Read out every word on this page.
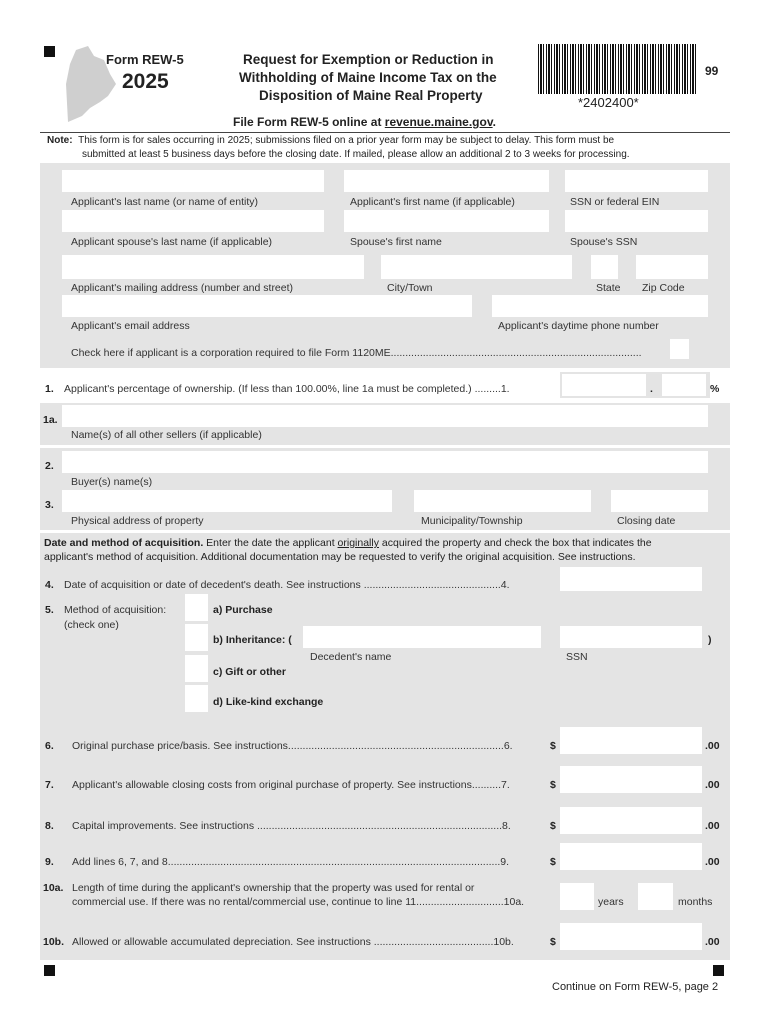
Form REW-5
2025
Request for Exemption or Reduction in
Withholding of Maine Income Tax on the
Disposition of Maine Real Property	*2402400*
99
File Form REW-5 online at revenue.maine.gov.
Note: This form is for sales occurring in 2025; submissions filed on a prior year form may be subject to delay. This form must be
submitted at least 5 business days before the closing date. If mailed, please allow an additional 2 to 3 weeks for processing.
Applicant's last name (or name of entity)	Applicant's first name (if applicable)	SSN or federal EIN
Applicant spouse's last name (if applicable)	Spouse's first name	Spouse's SSN
Applicant's mailing address (number and street)	City/Town	State Zip Code
Applicant's email address	Applicant's daytime phone number
Check here if applicant is a corporation required to file Form 1120ME......................................................................................
1. Applicant's percentage of ownership. (If less than 100.00%, line 1a must be completed.) .........1.	.	%
1a.
Name(s) of all other sellers (if applicable)
2.
Buyer(s) name(s)
3.
Physical address of property	Municipality/Township	Closing date
Date and method of acquisition. Enter the date the applicant originally acquired the property and check the box that indicates the
applicant's method of acquisition. Additional documentation may be requested to verify the original acquisition. See instructions.
4. Date of acquisition or date of decedent's death. See instructions ...............................................4.
5. Method of acquisition:
(check one)
a) Purchase
b) Inheritance: (	)
Decedent's name	SSN
c) Gift or other
d) Like-kind exchange
6. Original purchase price/basis. See instructions..........................................................................6.	$	.00
7. Applicant's allowable closing costs from original purchase of property. See instructions..........7.	$	.00
8. Capital improvements. See instructions ....................................................................................8.	$	.00
9. Add lines 6, 7, and 8..................................................................................................................9.	$	.00
10a. Length of time during the applicant's ownership that the property was used for rental or
commercial use. If there was no rental/commercial use, continue to line 11..............................10a.	years	months
10b. Allowed or allowable accumulated depreciation. See instructions .........................................10b.	$	.00
Continue on Form REW-5, page 2
